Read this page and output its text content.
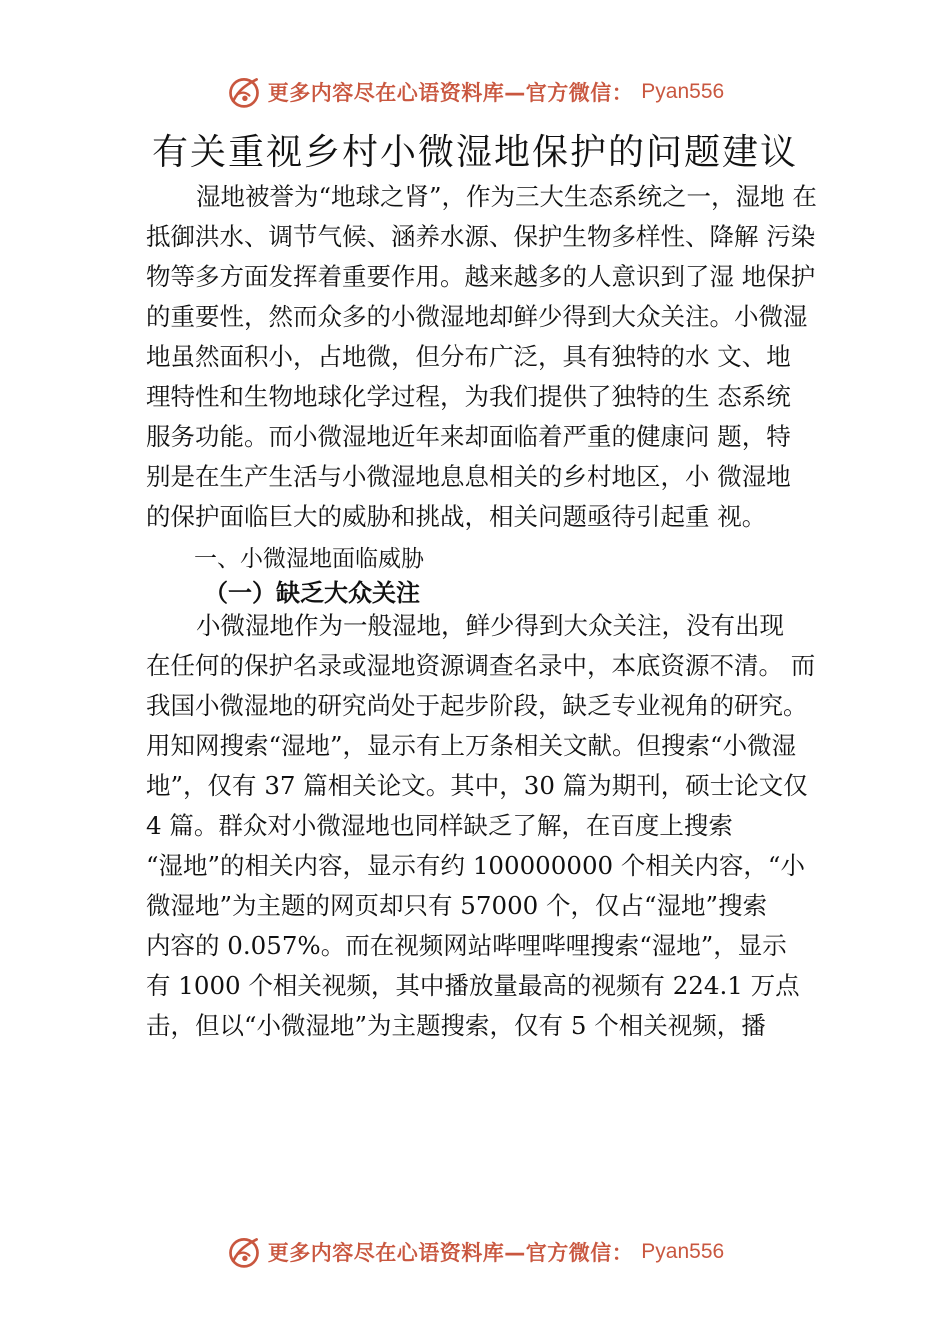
更多内容尽在心语资料库—官方微信： Pyan556
有关重视乡村小微湿地保护的问题建议
湿地被誉为“地球之肾”，作为三大生态系统之一，湿地 在
抵御洪水、调节气候、涵养水源、保护生物多样性、降解 污染
物等多方面发挥着重要作用。越来越多的人意识到了湿 地保护
的重要性，然而众多的小微湿地却鲜少得到大众关注。小微湿
地虽然面积小，占地微，但分布广泛，具有独特的水 文、地
理特性和生物地球化学过程，为我们提供了独特的生 态系统
服务功能。而小微湿地近年来却面临着严重的健康问 题，特
别是在生产生活与小微湿地息息相关的乡村地区，小 微湿地
的保护面临巨大的威胁和挑战，相关问题亟待引起重 视。
一、小微湿地面临威胁
（一）缺乏大众关注
小微湿地作为一般湿地，鲜少得到大众关注，没有出现
在任何的保护名录或湿地资源调查名录中，本底资源不清。 而
我国小微湿地的研究尚处于起步阶段，缺乏专业视角的研究。
用知网搜索“湿地”，显示有上万条相关文献。但搜索“小微湿
地”，仅有 37 篇相关论文。其中，30 篇为期刊，硕士论文仅
4 篇。群众对小微湿地也同样缺乏了解，在百度上搜索
“湿地”的相关内容，显示有约 100000000 个相关内容，“小
微湿地”为主题的网页却只有 57000 个，仅占“湿地”搜索
内容的 0.057%。而在视频网站哔哩哔哩搜索“湿地”，显示
有 1000 个相关视频，其中播放量最高的视频有 224.1 万点
击，但以“小微湿地”为主题搜索，仅有 5 个相关视频，播
更多内容尽在心语资料库—官方微信： Pyan556
